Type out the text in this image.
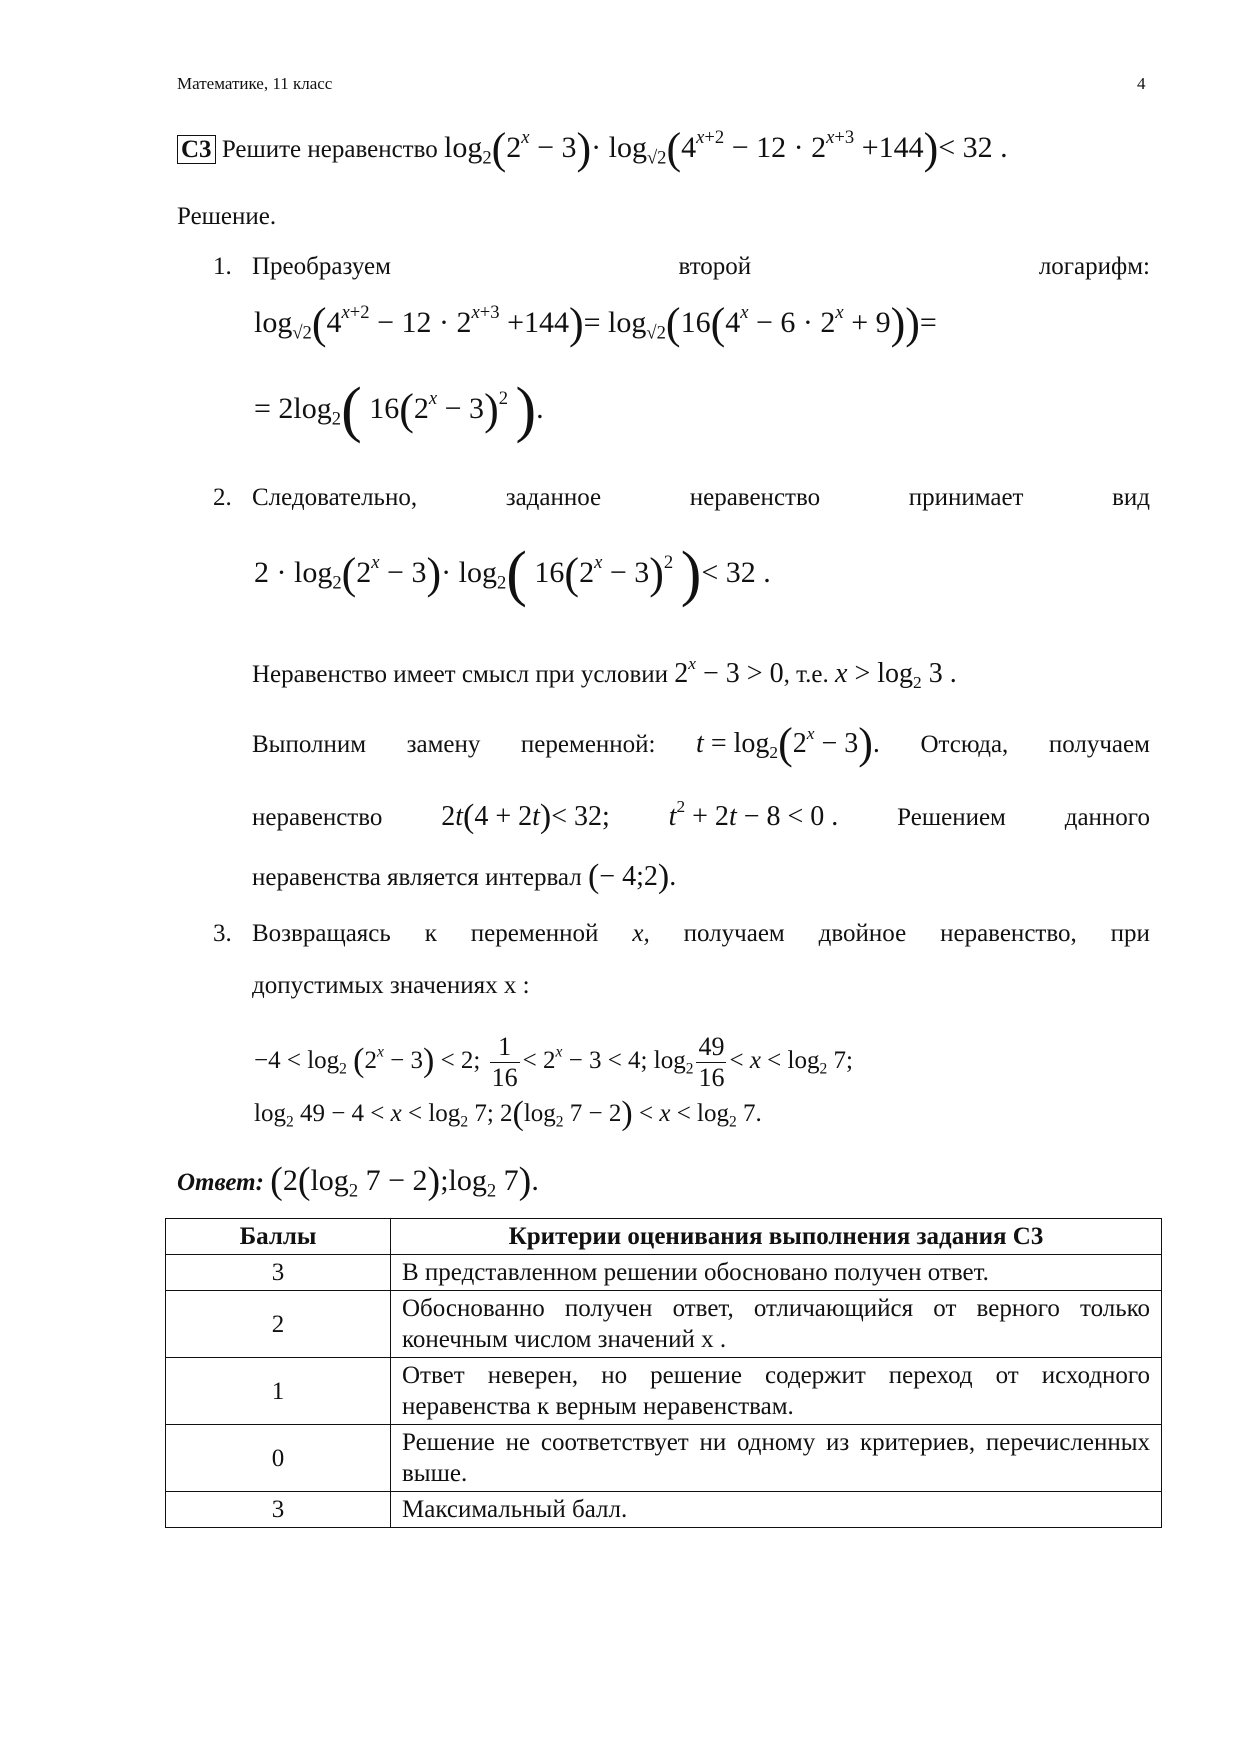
Математике, 11 класс	4
С3 Решите неравенство $\log_2(2^x - 3)\cdot \log_{√2}(4^{x+2} - 12 \cdot 2^{x+3} +144)< 32$ .
Решение.
1. Преобразуем	второй	логарифм:
$\log_{√2}(4^{x+2} - 12 \cdot 2^{x+3} +144)= \log_{√2}(16(4^x - 6 \cdot 2^x + 9))=$
= $2\log_2$( $16(2^x - 3)^2$ ).
2. Следовательно,	заданное	неравенство	принимает	вид
$2 \cdot \log_2(2^x - 3)\cdot \log_2$( $16(2^x - 3)^2$ )< 32 .
Неравенство имеет смысл при условии $2^x - 3 > 0$, т.е. $x > \log_2 3$ .
Выполним замену переменной: $t = \log_2(2^x - 3)$. Отсюда, получаем
неравенство 2t(4 + 2t)< 32; $t^2 + 2t - 8 < 0$ . Решением данного
неравенства является интервал (− 4;2).
3. Возвращаясь к переменной x, получаем двойное неравенство, при
допустимых значениях x :
$-4 < \log_2 (2^x - 3) < 2$; $\frac{1}{16} < 2^x - 3 < 4$; $\log_2 \frac{49}{16} < x < \log_2 7$;
$\log_2 49 - 4 < x < \log_2 7$; $2(\log_2$ $7 - 2) < x < \log_2 7$.
Ответ: ($2(\log_2$ $7 - 2);\log_2$ 7).
Баллы	Критерии оценивания выполнения задания С3
3	В представленном решении обосновано получен ответ.
2	Обоснованно получен ответ, отличающийся от верного только конечным числом значений x .
1	Ответ неверен, но решение содержит переход от исходного неравенства к верным неравенствам.
0	Решение не соответствует ни одному из критериев, перечисленных выше.
3	Максимальный балл.
